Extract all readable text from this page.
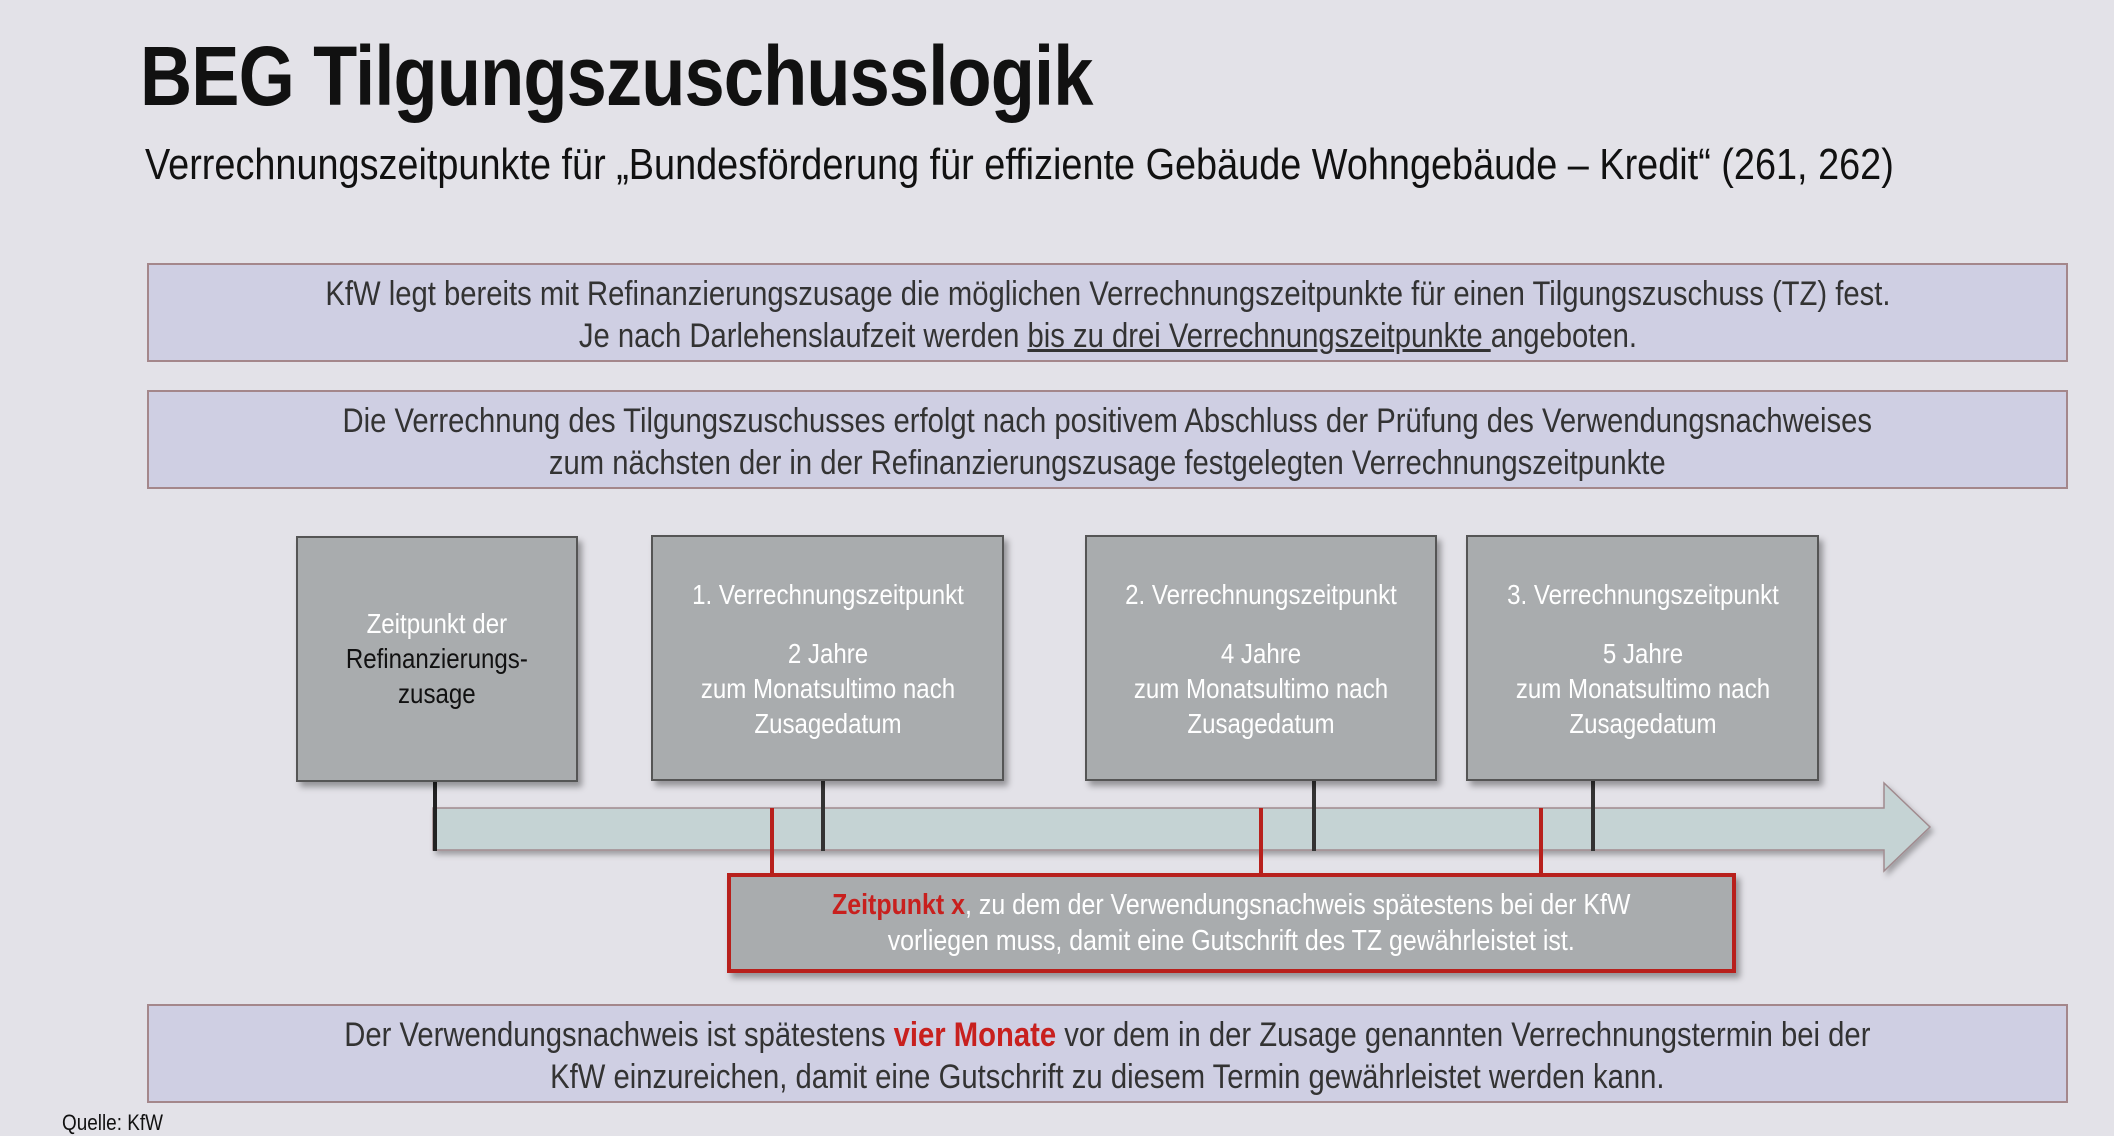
BEG Tilgungszuschusslogik
Verrechnungszeitpunkte für „Bundesförderung für effiziente Gebäude Wohngebäude – Kredit“ (261, 262)
KfW legt bereits mit Refinanzierungszusage die möglichen Verrechnungszeitpunkte für einen Tilgungszuschuss (TZ) fest.
Je nach Darlehenslaufzeit werden bis zu drei Verrechnungszeitpunkte angeboten.
Die Verrechnung des Tilgungszuschusses erfolgt nach positivem Abschluss der Prüfung des Verwendungsnachweises
zum nächsten der in der Refinanzierungszusage festgelegten Verrechnungszeitpunkte
Zeitpunkt der
Refinanzierungs-
zusage
1. Verrechnungszeitpunkt
2 Jahre
zum Monatsultimo nach
Zusagedatum
2. Verrechnungszeitpunkt
4 Jahre
zum Monatsultimo nach
Zusagedatum
3. Verrechnungszeitpunkt
5 Jahre
zum Monatsultimo nach
Zusagedatum
Zeitpunkt x, zu dem der Verwendungsnachweis spätestens bei der KfW
vorliegen muss, damit eine Gutschrift des TZ gewährleistet ist.
Der Verwendungsnachweis ist spätestens vier Monate vor dem in der Zusage genannten Verrechnungstermin bei der
KfW einzureichen, damit eine Gutschrift zu diesem Termin gewährleistet werden kann.
Quelle: KfW
